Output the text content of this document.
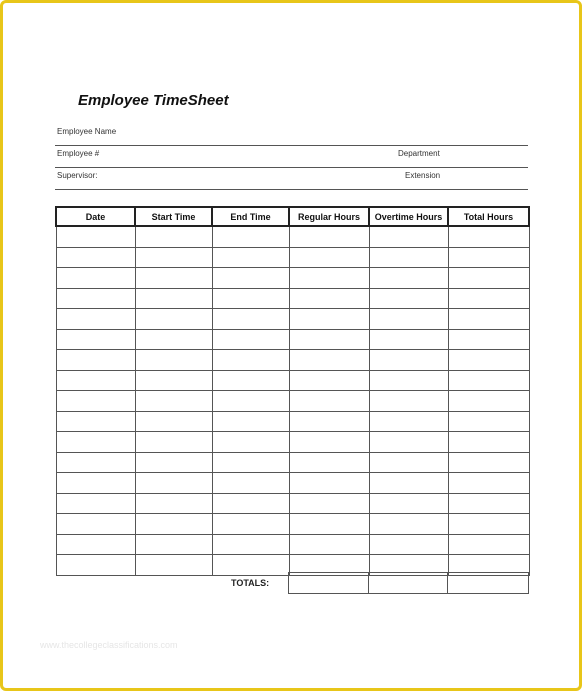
Employee TimeSheet
Employee Name
Employee #	Department
Supervisor:	Extension
Date	Start Time	End Time	Regular Hours	Overtime Hours	Total Hours

TOTALS:

www.thecollegeclassifications.com
